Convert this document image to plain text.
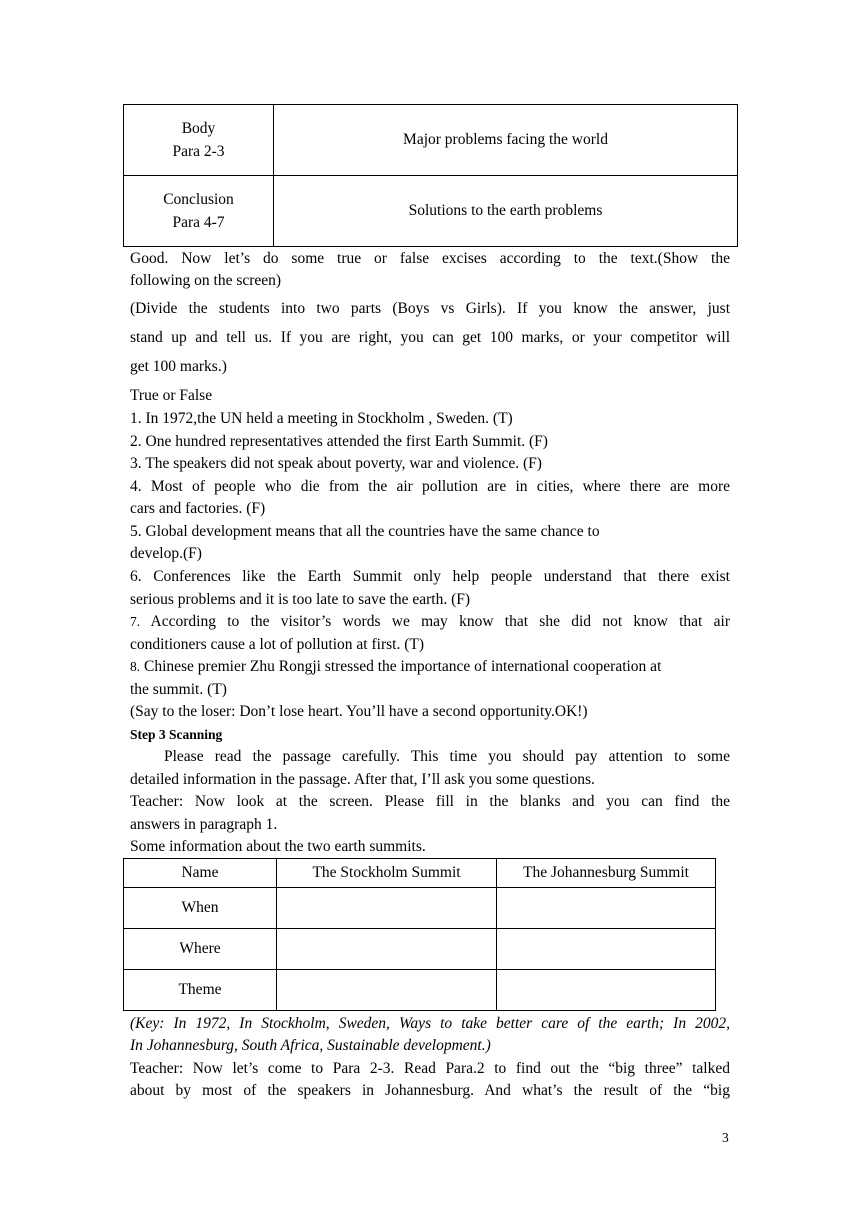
Body
Para 2-3	Major problems facing the world

Conclusion
Para 4-7	Solutions to the earth problems
Good. Now let’s do some true or false excises according to the text.(Show the
following on the screen)
(Divide the students into two parts (Boys vs Girls). If you know the answer, just
stand up and tell us. If you are right, you can get 100 marks, or your competitor will
get 100 marks.)
True or False
1. In 1972,the UN held a meeting in Stockholm , Sweden. (T)
2. One hundred representatives attended the first Earth Summit. (F)
3. The speakers did not speak about poverty, war and violence. (F)
4. Most of people who die from the air pollution are in cities, where there are more
cars and factories. (F)
5. Global development means that all the countries have the same chance to
develop.(F)
6. Conferences like the Earth Summit only help people understand that there exist
serious problems and it is too late to save the earth. (F)
7. According to the visitor’s words we may know that she did not know that air
conditioners cause a lot of pollution at first. (T)
8. Chinese premier Zhu Rongji stressed the importance of international cooperation at
the summit. (T)
(Say to the loser: Don’t lose heart. You’ll have a second opportunity.OK!)
Step 3 Scanning
Please read the passage carefully. This time you should pay attention to some
detailed information in the passage. After that, I’ll ask you some questions.
Teacher: Now look at the screen. Please fill in the blanks and you can find the
answers in paragraph 1.
Some information about the two earth summits.
Name	The Stockholm Summit	The Johannesburg Summit
When		
Where		
Theme		
(Key: In 1972, In Stockholm, Sweden, Ways to take better care of the earth; In 2002,
In Johannesburg, South Africa, Sustainable development.)
Teacher: Now let’s come to Para 2-3. Read Para.2 to find out the “big three” talked
about by most of the speakers in Johannesburg. And what’s the result of the “big
3
